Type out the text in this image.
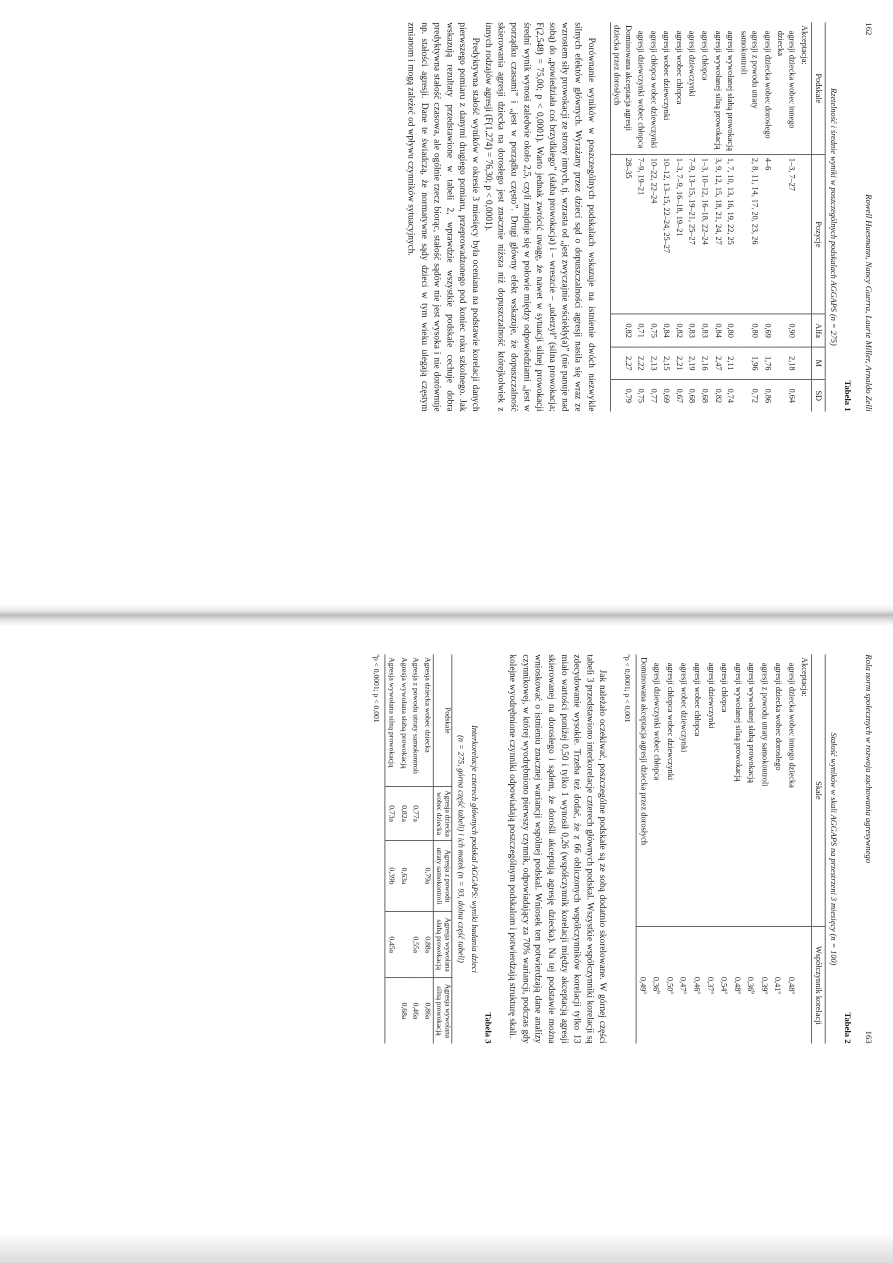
162
Rowell Huesmann, Nancy Guerra, Laurie Miller, Arnaldo Zelli
Tabela 1
Rzetelność i średnie wyniki w poszczególnych podskalach AGGAPS (n = 275)
Podskale	Pozycje	Alfa	M	SD
Akceptacja:				
agresji dziecka wobec innego dziecka	1–3, 7–27	0,90	2,18	0,64
agresji dziecka wobec dorosłego	4–6	0,69	1,76	0,86
agresji z powodu utraty samokontroli	2, 8, 11, 14, 17, 20, 23, 26	0,80	1,96	0,72
agresji wywołanej słabą prowokacją	1, 7, 10, 13, 16, 19, 22, 25	0,80	2,11	0,74
agresji wywołanej silną prowokacją	3, 9, 12, 15, 18, 21, 24, 27	0,84	2,47	0,82
agresji chłopca	1–3, 10–12, 16–18, 22–24	0,83	2,16	0,68
agresji dziewczynki	7–9, 13–15, 19–21, 25–27	0,83	2,19	0,68
agresji wobec chłopca	1–3, 7–9, 16–18, 19–21	0,82	2,21	0,67
agresji wobec dziewczynki	10–12, 13–15, 22–24, 25–27	0,84	2,15	0,69
agresji chłopca wobec dziewczynki	10–22, 22–24	0,75	2,13	0,77
agresji dziewczynki wobec chłopca	7–9, 19–21	0,71	2,22	0,75
Dominowana akceptacja agresji dziecka przez dorosłych	28–35	0,82	2,27	0,79

Porównanie wyników w poszczególnych podskalach wskazuje na istnienie dwóch niezwykle silnych efektów głównych. Wyrażany przez dzieci sąd o dopuszczalności agresji nasila się wraz ze wzrostem siły prowokacji ze strony innych, tj. wzrasta od „jest zwyczajnie wściekły(a)” (nie panuje nad sobą) do „powiedziała coś brzydkiego” (słaba prowokacja) i – wreszcie – „uderzył” (silna prowokacja; F(2,548) = 75,00; p < 0,0001). Warto jednak zwrócić uwagę, że nawet w sytuacji silnej prowokacji średni wynik wynosi zaledwie około 2,5, czyli znajduje się w połowie między odpowiedziami „jest w porządku czasami” i „jest w porządku często”. Drugi główny efekt wskazuje, że dopuszczalność skierowania agresji dziecka na dorosłego jest znacznie niższa niż dopuszczalność którejkolwiek z innych rodzajów agresji (F(1,274) = 76,30; p < 0,0001).

Predyktywna stałość wyników w okresie 3 miesięcy była oceniana na podstawie korelacji danych pierwszego pomiaru z danymi drugiego pomiaru, przeprowadzonego pod koniec roku szkolnego. Jak wskazują rezultaty przedstawione w tabeli 2, wprawdzie wszystkie podskale cechuje dobra predyktywna stałość czasowa, ale ogólnie rzecz biorąc, stałość sądów nie jest wysoka i nie dorównuje np. stałości agresji. Dane te świadczą, że normatywne sądy dzieci w tym wieku ulegają częstym zmianom i mogą zależeć od wpływu czynników sytuacyjnych.

Rola norm społecznych w rozwoju zachowania agresywnego
163
Tabela 2
Stałość wyników w skali AGGAPS na przestrzeni 3 miesięcy (n = 100)
Skale	Współczynnik korelacji
Akceptacja:	
agresji dziecka wobec innego dziecka	0,48$^a$
agresji dziecka wobec dorosłego	0,41$^a$
agresji z powodu utraty samokontroli	0,39$^a$
agresji wywołanej słabą prowokacją	0,36$^b$
agresji wywołanej silną prowokacją	0,48$^a$
agresji chłopca	0,54$^a$
agresji dziewczynki	0,37$^a$
agresji wobec chłopca	0,46$^a$
agresji wobec dziewczynki	0,47$^a$
agresji chłopca wobec dziewczynki	0,50$^a$
agresji dziewczynki wobec chłopca	0,36$^b$
Dominowana akceptacja agresji dziecka przez dorosłych	0,49$^a$
$^a$p < 0,0001; p < 0,001

Jak należało oczekiwać, poszczególne podskale są ze sobą dodatnio skorelowane. W górnej części tabeli 3 przedstawiono interkorelacje czterech głównych podskal. Wszystkie współczynniki korelacji są zdecydowanie wysokie. Trzeba też dodać, że z 66 obliczonych współczynników korelacji tylko 13 miało wartości poniżej 0,50 i tylko 1 wynosił 0,26 (współczynnik korelacji między akceptacją agresji skierowanej na dorosłego i sądem, że dorośli akceptują agresję dziecka). Na tej podstawie można wnioskować o istnieniu znacznej wariancji wspólnej podskal. Wniosek ten potwierdzają dane analizy czynnikowej, w której wyodrębniono pierwszy czynnik, odpowiadający za 70% wariancji, podczas gdy kolejne wyodrębnione czynniki odpowiadają poszczególnym podskalom i potwierdzają strukturę skali.

Tabela 3
Interkorelacje czterech głównych podskal AGGAPS: wyniki badania dzieci
(n = 275, górna część tabeli) i ich matek (n = 93, dolna część tabeli)
Podskale	Agresja dziecka wobec dziecka	Agresja z powodu utraty samokontroli	Agresja wywołana słabą prowokacją	Agresja wywołana silną prowokacją
Agresja dziecka wobec dziecka		0,79a	0,88a	0,86a
Agresja z powodu utraty samokontroli	0,77a		0,55a	0,46a
Agresja wywołana słabą prowokacją	0,82a	0,63a		0,68a
Agresja wywołana silną prowokacją	0,73a	0,39b	0,45a	
$^a$p < 0,0001; p < 0,001
